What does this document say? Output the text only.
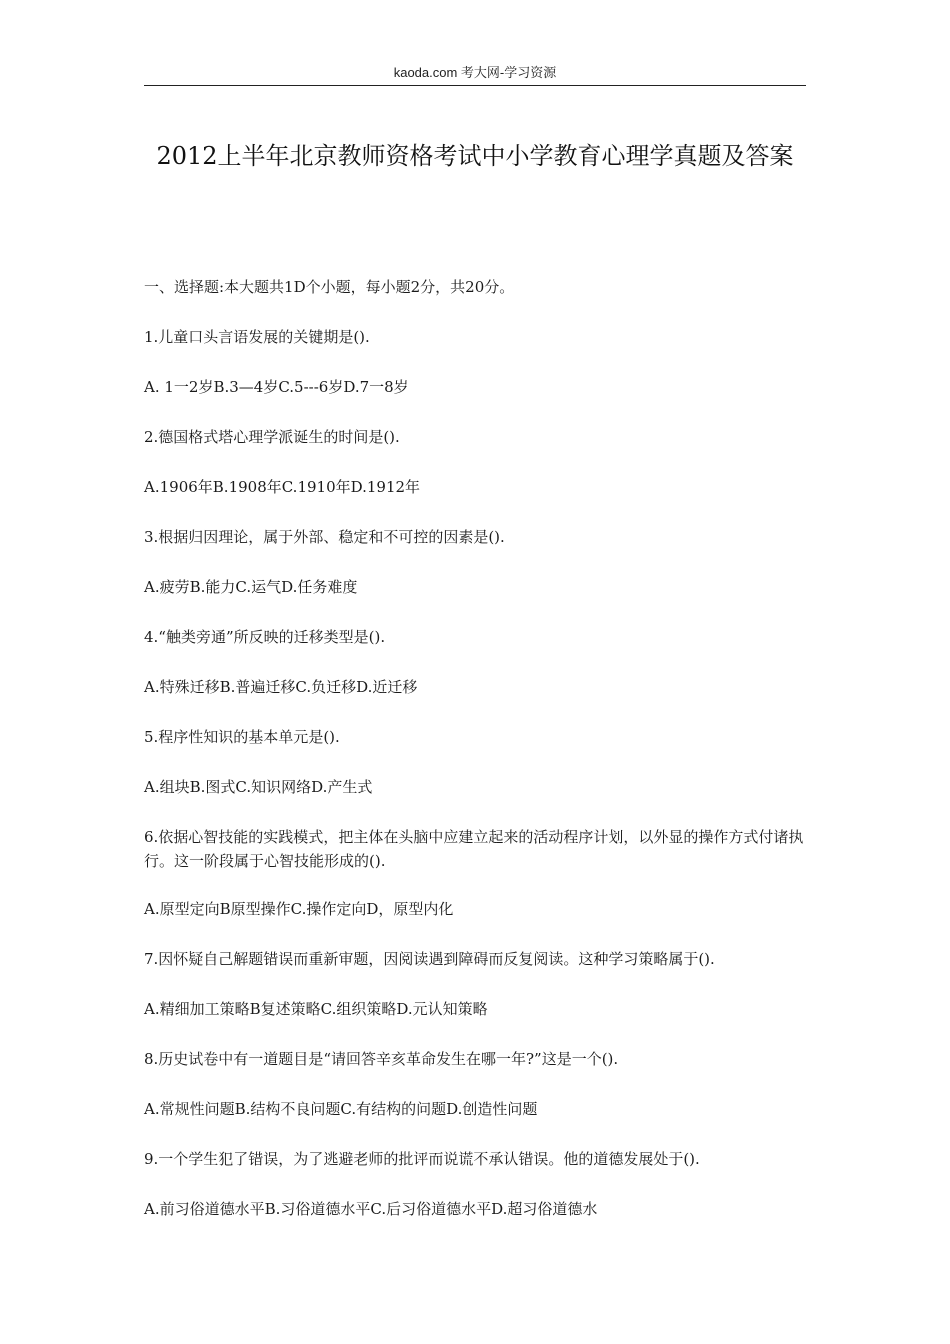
kaoda.com 考大网-学习资源
2012上半年北京教师资格考试中小学教育心理学真题及答案

一、选择题:本大题共1D个小题，每小题2分，共20分。

1.儿童口头言语发展的关键期是().

A. 1一2岁B.3—4岁C.5---6岁D.7一8岁

2.德国格式塔心理学派诞生的时间是().

A.1906年B.1908年C.1910年D.1912年

3.根据归因理论，属于外部、稳定和不可控的因素是().

A.疲劳B.能力C.运气D.任务难度

4.“触类旁通”所反映的迁移类型是().

A.特殊迁移B.普遍迁移C.负迁移D.近迁移

5.程序性知识的基本单元是().

A.组块B.图式C.知识网络D.产生式

6.依据心智技能的实践模式，把主体在头脑中应建立起来的活动程序计划，以外显的操作方式付诸执行。这一阶段属于心智技能形成的().

A.原型定向B原型操作C.操作定向D，原型内化

7.因怀疑自己解题错误而重新审题，因阅读遇到障碍而反复阅读。这种学习策略属于().

A.精细加工策略B复述策略C.组织策略D.元认知策略

8.历史试卷中有一道题目是“请回答辛亥革命发生在哪一年?”这是一个().

A.常规性问题B.结构不良问题C.有结构的问题D.创造性问题

9.一个学生犯了错误，为了逃避老师的批评而说谎不承认错误。他的道德发展处于().

A.前习俗道德水平B.习俗道德水平C.后习俗道德水平D.超习俗道德水
